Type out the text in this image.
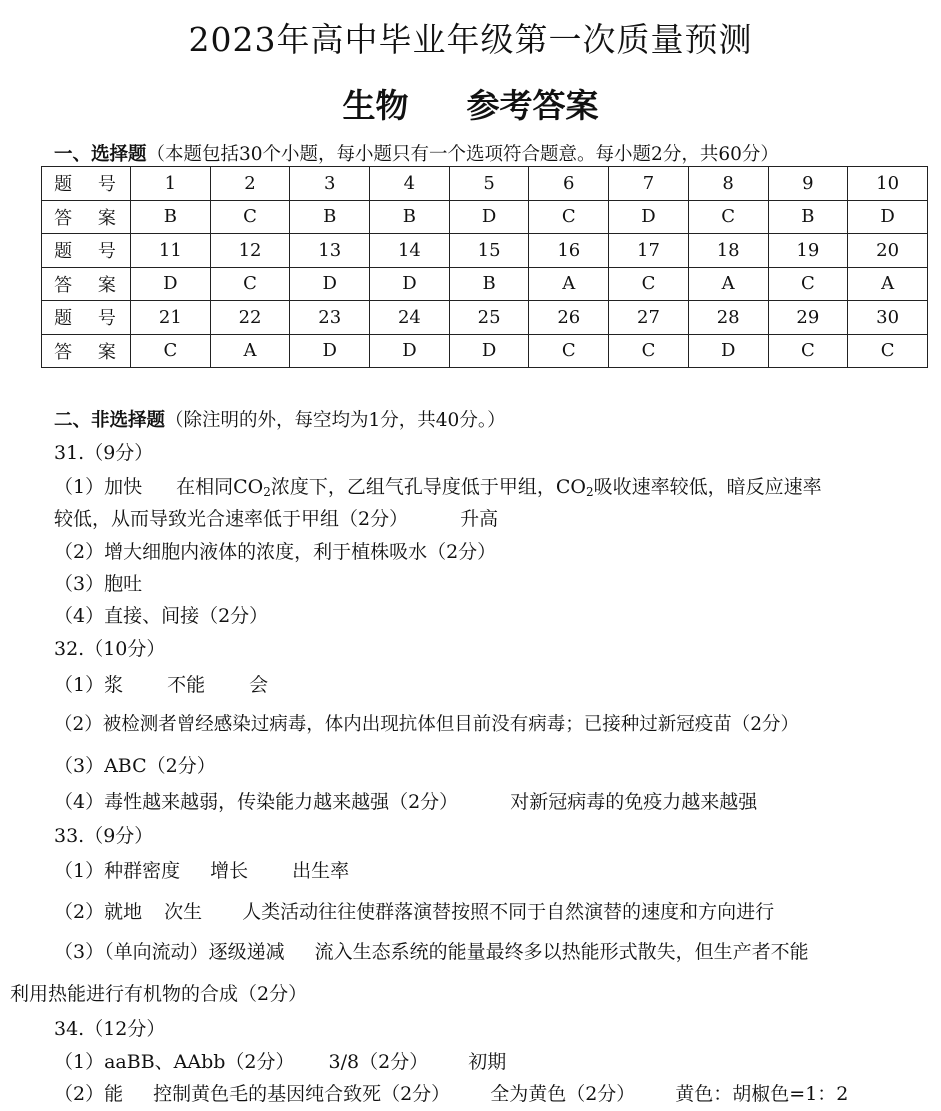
2023年高中毕业年级第一次质量预测
生物 参考答案
一、选择题（本题包括30个小题，每小题只有一个选项符合题意。每小题2分，共60分）
题 号	1	2	3	4	5	6	7	8	9	10
答 案	B	C	B	B	D	C	D	C	B	D
题 号	11	12	13	14	15	16	17	18	19	20
答 案	D	C	D	D	B	A	C	A	C	A
题 号	21	22	23	24	25	26	27	28	29	30
答 案	C	A	D	D	D	C	C	D	C	C
二、非选择题（除注明的外，每空均为1分，共40分。）
31.（9分）
（1）加快 在相同$CO_2$浓度下，乙组气孔导度低于甲组，$CO_2$吸收速率较低，暗反应速率
较低，从而导致光合速率低于甲组（2分）	升高
（2）增大细胞内液体的浓度，利于植株吸水（2分）
（3）胞吐
（4）直接、间接（2分）
32.（10分）
（1）浆 不能 会
（2）被检测者曾经感染过病毒，体内出现抗体但目前没有病毒；已接种过新冠疫苗（2分）
（3）ABC（2分）
（4）毒性越来越弱，传染能力越来越强（2分）	对新冠病毒的免疫力越来越强
33.（9分）
（1）种群密度 增长 出生率
（2）就地 次生 人类活动往往使群落演替按照不同于自然演替的速度和方向进行
（3）（单向流动）逐级递减 流入生态系统的能量最终多以热能形式散失，但生产者不能
利用热能进行有机物的合成（2分）
34.（12分）
（1）aaBB、AAbb（2分） 3/8（2分） 初期
（2）能 控制黄色毛的基因纯合致死（2分） 全为黄色（2分） 黄色：胡椒色=1：2
